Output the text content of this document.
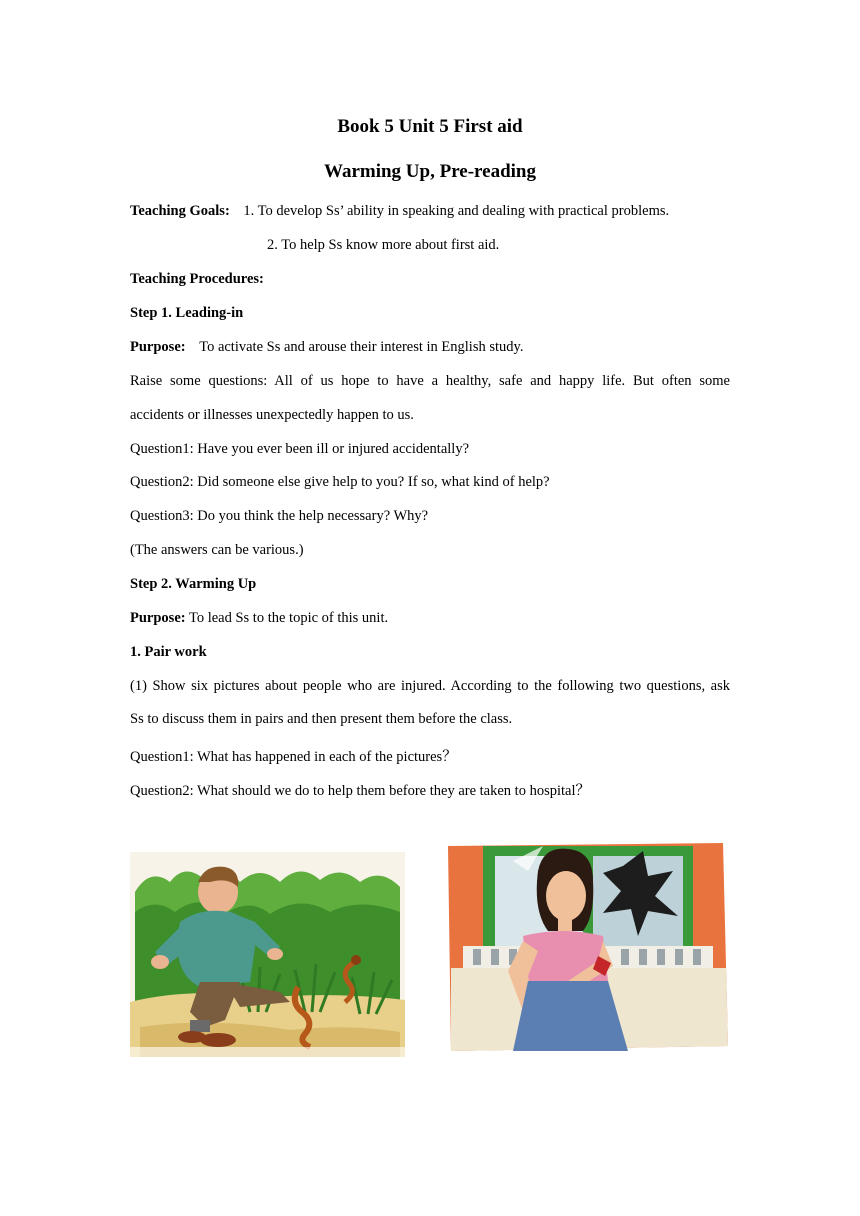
Book 5 Unit 5 First aid
Warming Up, Pre-reading
Teaching Goals: 1. To develop Ss’ ability in speaking and dealing with practical problems.
2. To help Ss know more about first aid.
Teaching Procedures:
Step 1. Leading-in
Purpose: To activate Ss and arouse their interest in English study.
Raise some questions: All of us hope to have a healthy, safe and happy life. But often some
accidents or illnesses unexpectedly happen to us.
Question1: Have you ever been ill or injured accidentally?
Question2: Did someone else give help to you? If so, what kind of help?
Question3: Do you think the help necessary? Why?
(The answers can be various.)
Step 2. Warming Up
Purpose: To lead Ss to the topic of this unit.
1. Pair work
(1) Show six pictures about people who are injured. According to the following two questions, ask
Ss to discuss them in pairs and then present them before the class.
Question1: What has happened in each of the pictures？
Question2: What should we do to help them before they are taken to hospital？
